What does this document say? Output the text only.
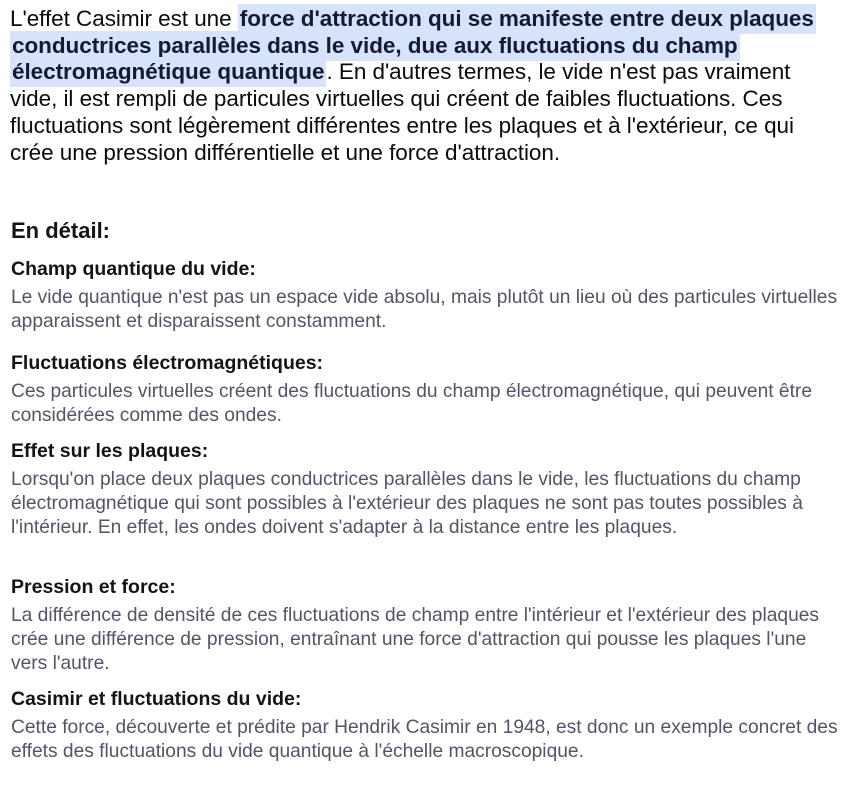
L'effet Casimir est une force d'attraction qui se manifeste entre deux plaques conductrices parallèles dans le vide, due aux fluctuations du champ électromagnétique quantique. En d'autres termes, le vide n'est pas vraiment vide, il est rempli de particules virtuelles qui créent de faibles fluctuations. Ces fluctuations sont légèrement différentes entre les plaques et à l'extérieur, ce qui crée une pression différentielle et une force d'attraction.

En détail:
Champ quantique du vide:

Le vide quantique n'est pas un espace vide absolu, mais plutôt un lieu où des particules virtuelles apparaissent et disparaissent constamment.

Fluctuations électromagnétiques:

Ces particules virtuelles créent des fluctuations du champ électromagnétique, qui peuvent être considérées comme des ondes.

Effet sur les plaques:

Lorsqu'on place deux plaques conductrices parallèles dans le vide, les fluctuations du champ électromagnétique qui sont possibles à l'extérieur des plaques ne sont pas toutes possibles à l'intérieur. En effet, les ondes doivent s'adapter à la distance entre les plaques.

Pression et force:

La différence de densité de ces fluctuations de champ entre l'intérieur et l'extérieur des plaques crée une différence de pression, entraînant une force d'attraction qui pousse les plaques l'une vers l'autre.

Casimir et fluctuations du vide:

Cette force, découverte et prédite par Hendrik Casimir en 1948, est donc un exemple concret des effets des fluctuations du vide quantique à l'échelle macroscopique.
